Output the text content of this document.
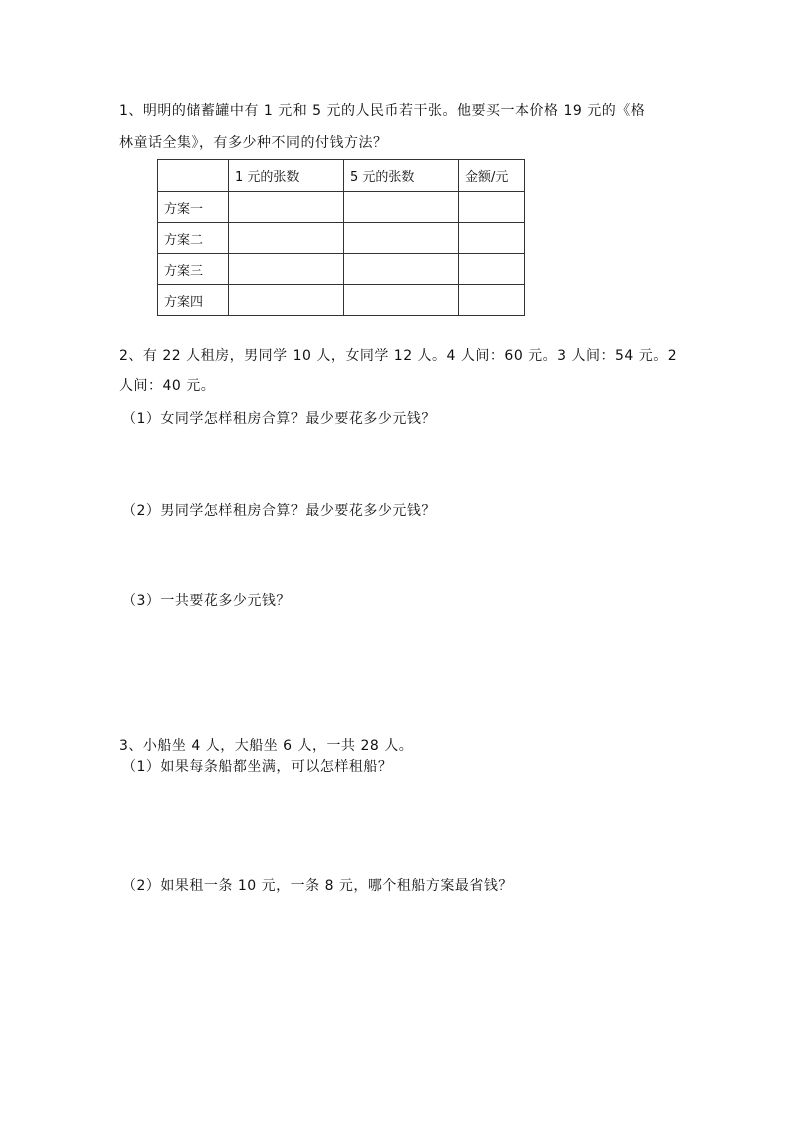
1、明明的储蓄罐中有 1 元和 5 元的人民币若干张。他要买一本价格 19 元的《格
林童话全集》，有多少种不同的付钱方法？
	1 元的张数	5 元的张数	金额/元
方案一			
方案二			
方案三			
方案四			
2、有 22 人租房，男同学 10 人，女同学 12 人。4 人间：60 元。3 人间：54 元。2
人间：40 元。
（1）女同学怎样租房合算？最少要花多少元钱？
（2）男同学怎样租房合算？最少要花多少元钱？
（3）一共要花多少元钱？
3、小船坐 4 人，大船坐 6 人，一共 28 人。
（1）如果每条船都坐满，可以怎样租船？
（2）如果租一条 10 元，一条 8 元，哪个租船方案最省钱？
